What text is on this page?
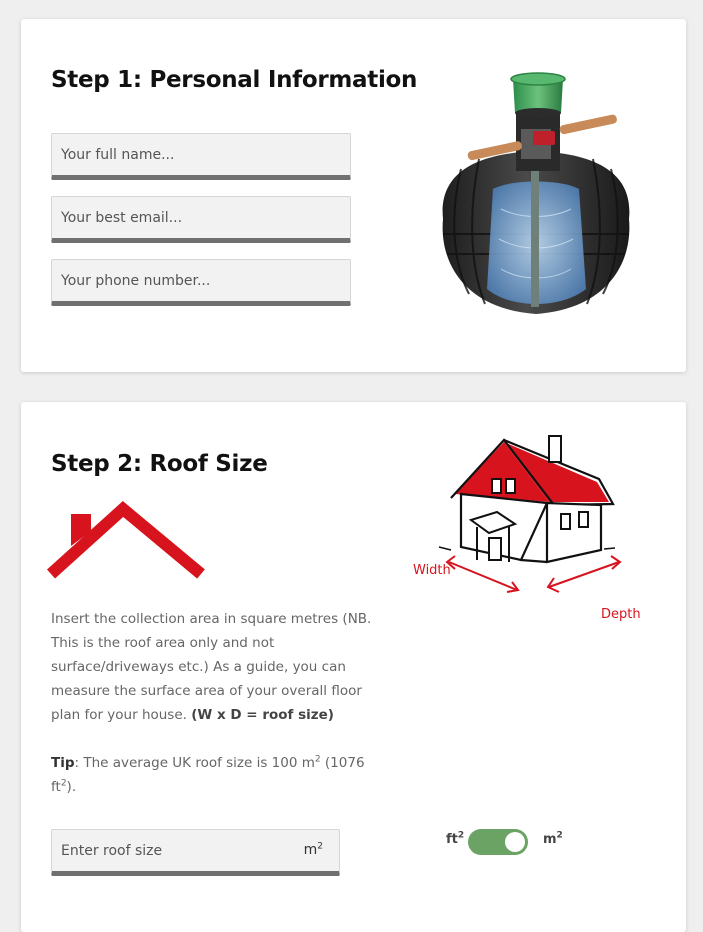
Step 1: Personal Information
Your full name...
Your best email...
Your phone number...
Step 2: Roof Size
Width
Depth

Insert the collection area in square metres (NB. This is the roof area only and not surface/driveways etc.) As a guide, you can measure the surface area of your overall floor plan for your house. (W x D = roof size)

Tip: The average UK roof size is 100 $m^2$ (1076 $ft^2$).

Enter roof size
$m^2$	$ft^2$	$m^2$
